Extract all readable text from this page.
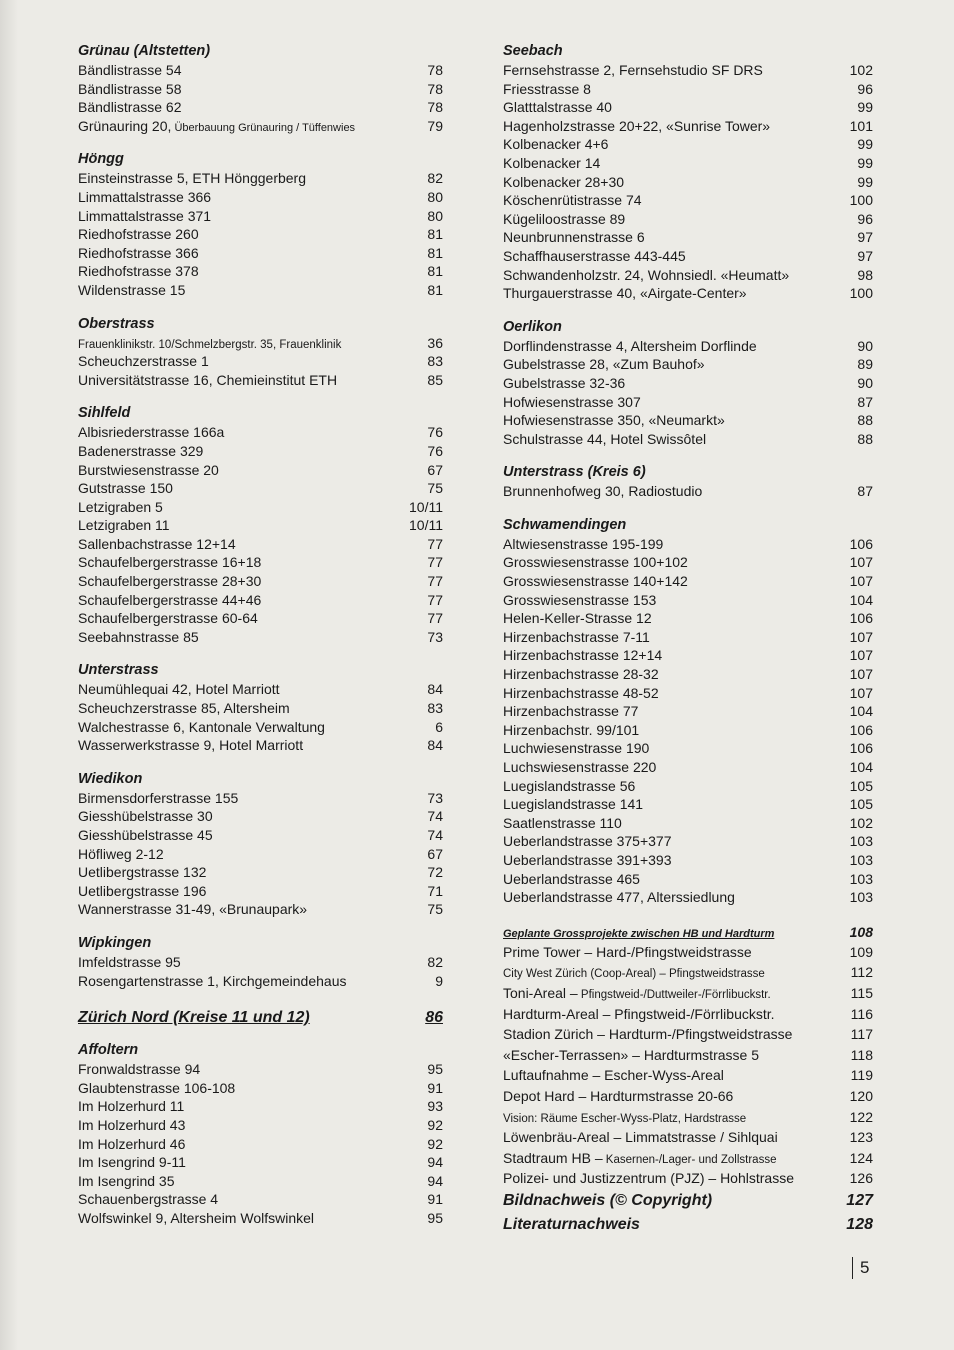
Grünau (Altstetten)
Bändlistrasse 54	78
Bändlistrasse 58	78
Bändlistrasse 62	78
Grünauring 20, Überbauung Grünauring / Tüffenwies	79
Höngg
Einsteinstrasse 5, ETH Hönggerberg	82
Limmattalstrasse 366	80
Limmattalstrasse 371	80
Riedhofstrasse 260	81
Riedhofstrasse 366	81
Riedhofstrasse 378	81
Wildenstrasse 15	81
Oberstrass
Frauenklinikstr. 10/Schmelzbergstr. 35, Frauenklinik	36
Scheuchzerstrasse 1	83
Universitätstrasse 16, Chemieinstitut ETH	85
Sihlfeld
Albisriederstrasse 166a	76
Badenerstrasse 329	76
Burstwiesenstrasse 20	67
Gutstrasse 150	75
Letzigraben 5	10/11
Letzigraben 11	10/11
Sallenbachstrasse 12+14	77
Schaufelbergerstrasse 16+18	77
Schaufelbergerstrasse 28+30	77
Schaufelbergerstrasse 44+46	77
Schaufelbergerstrasse 60-64	77
Seebahnstrasse 85	73
Unterstrass
Neumühlequai 42, Hotel Marriott	84
Scheuchzerstrasse 85, Altersheim	83
Walchestrasse 6, Kantonale Verwaltung	6
Wasserwerkstrasse 9, Hotel Marriott	84
Wiedikon
Birmensdorferstrasse 155	73
Giesshübelstrasse 30	74
Giesshübelstrasse 45	74
Höfliweg 2-12	67
Uetlibergstrasse 132	72
Uetlibergstrasse 196	71
Wannerstrasse 31-49, «Brunaupark»	75
Wipkingen
Imfeldstrasse 95	82
Rosengartenstrasse 1, Kirchgemeindehaus	9
Zürich Nord (Kreise 11 und 12)	86
Affoltern
Fronwaldstrasse 94	95
Glaubtenstrasse 106-108	91
Im Holzerhurd 11	93
Im Holzerhurd 43	92
Im Holzerhurd 46	92
Im Isengrind 9-11	94
Im Isengrind 35	94
Schauenbergstrasse 4	91
Wolfswinkel 9, Altersheim Wolfswinkel	95
Seebach
Fernsehstrasse 2, Fernsehstudio SF DRS	102
Friesstrasse 8	96
Glatttalstrasse 40	99
Hagenholzstrasse 20+22, «Sunrise Tower»	101
Kolbenacker 4+6	99
Kolbenacker 14	99
Kolbenacker 28+30	99
Köschenrütistrasse 74	100
Kügeliloostrasse 89	96
Neunbrunnenstrasse 6	97
Schaffhauserstrasse 443-445	97
Schwandenholzstr. 24, Wohnsiedl. «Heumatt»	98
Thurgauerstrasse 40, «Airgate-Center»	100
Oerlikon
Dorflindenstrasse 4, Altersheim Dorflinde	90
Gubelstrasse 28, «Zum Bauhof»	89
Gubelstrasse 32-36	90
Hofwiesenstrasse 307	87
Hofwiesenstrasse 350, «Neumarkt»	88
Schulstrasse 44, Hotel Swissôtel	88
Unterstrass (Kreis 6)
Brunnenhofweg 30, Radiostudio	87
Schwamendingen
Altwiesenstrasse 195-199	106
Grosswiesenstrasse 100+102	107
Grosswiesenstrasse 140+142	107
Grosswiesenstrasse 153	104
Helen-Keller-Strasse 12	106
Hirzenbachstrasse 7-11	107
Hirzenbachstrasse 12+14	107
Hirzenbachstrasse 28-32	107
Hirzenbachstrasse 48-52	107
Hirzenbachstrasse 77	104
Hirzenbachstr. 99/101	106
Luchwiesenstrasse 190	106
Luchswiesenstrasse 220	104
Luegislandstrasse 56	105
Luegislandstrasse 141	105
Saatlenstrasse 110	102
Ueberlandstrasse 375+377	103
Ueberlandstrasse 391+393	103
Ueberlandstrasse 465	103
Ueberlandstrasse 477, Alterssiedlung	103
Geplante Grossprojekte zwischen HB und Hardturm	108
Prime Tower – Hard-/Pfingstweidstrasse	109
City West Zürich (Coop-Areal) – Pfingstweidstrasse	112
Toni-Areal – Pfingstweid-/Duttweiler-/Förrlibuckstr.	115
Hardturm-Areal – Pfingstweid-/Förrlibuckstr.	116
Stadion Zürich – Hardturm-/Pfingstweidstrasse	117
«Escher-Terrassen» – Hardturmstrasse 5	118
Luftaufnahme – Escher-Wyss-Areal	119
Depot Hard – Hardturmstrasse 20-66	120
Vision: Räume Escher-Wyss-Platz, Hardstrasse	122
Löwenbräu-Areal – Limmatstrasse / Sihlquai	123
Stadtraum HB – Kasernen-/Lager- und Zollstrasse	124
Polizei- und Justizzentrum (PJZ) – Hohlstrasse	126
Bildnachweis (© Copyright)	127
Literaturnachweis	128
5
